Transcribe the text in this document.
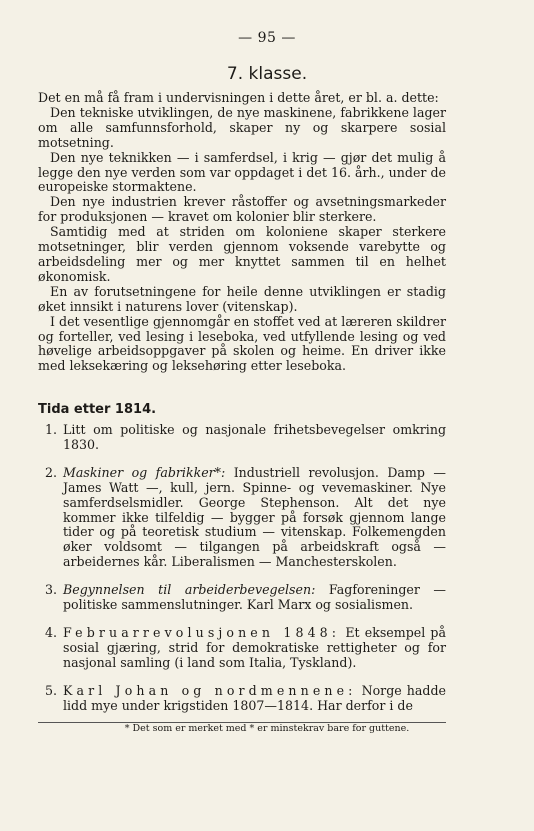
— 95 —
7. klasse.

Det en må få fram i undervisningen i dette året, er bl. a. dette:

Den tekniske utviklingen, de nye maskinene, fabrikkene lager om alle samfunnsforhold, skaper ny og skarpere sosial motsetning.

Den nye teknikken — i samferdsel, i krig — gjør det mulig å legge den nye verden som var oppdaget i det 16. årh., under de europeiske stormaktene.

Den nye industrien krever råstoffer og avsetningsmarkeder for produksjonen — kravet om kolonier blir sterkere.

Samtidig med at striden om koloniene skaper sterkere motsetninger, blir verden gjennom voksende varebytte og arbeidsdeling mer og mer knyttet sammen til en helhet økonomisk.

En av forutsetningene for heile denne utviklingen er stadig øket innsikt i naturens lover (vitenskap).

I det vesentlige gjennomgår en stoffet ved at læreren skildrer og forteller, ved lesing i leseboka, ved utfyllende lesing og ved høvelige arbeidsoppgaver på skolen og heime. En driver ikke med leksekæring og leksehøring etter leseboka.

Tida etter 1814.
1. Litt om politiske og nasjonale frihetsbevegelser omkring 1830.
2. Maskiner og fabrikker*: Industriell revolusjon. Damp — James Watt —, kull, jern. Spinne- og vevemaskiner. Nye samferdselsmidler. George Stephenson. Alt det nye kommer ikke tilfeldig — bygger på forsøk gjennom lange tider og på teoretisk studium — vitenskap. Folkemengden øker voldsomt — tilgangen på arbeidskraft også — arbeidernes kår. Liberalismen — Manchesterskolen.
3. Begynnelsen til arbeiderbevegelsen: Fagforeninger — politiske sammenslutninger. Karl Marx og sosialismen.
4. Februarrevolusjonen 1848: Et eksempel på sosial gjæring, strid for demokratiske rettigheter og for nasjonal samling (i land som Italia, Tyskland).
5. Karl Johan og nordmennene: Norge hadde lidd mye under krigstiden 1807—1814. Har derfor i de
* Det som er merket med * er minstekrav bare for guttene.
